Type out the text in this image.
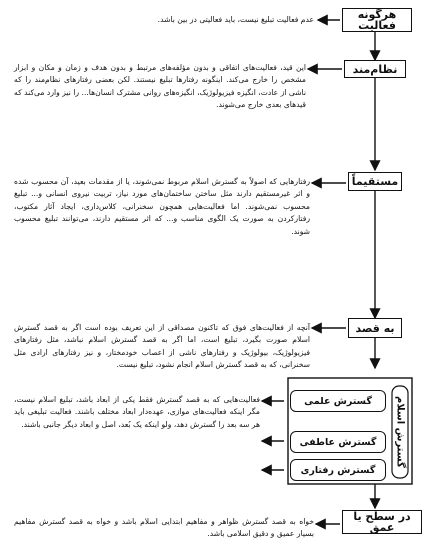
هرگونه فعالیت
عدم فعالیت تبلیغ نیست، باید فعالیتی در بین باشد.
نظام‌مند
این قید، فعالیت‌های اتفاقی و بدون مؤلفه‌های مرتبط و بدون هدف و زمان و مکان و ابزار مشخص را خارج می‌کند. اینگونه رفتارها تبلیغ نیستند. لکن بعضی رفتارهای نظام‌مند را که ناشی از عادت، انگیزه فیزیولوژیک، انگیزه‌های روانی مشترک انسان‌ها... را نیز وارد می‌کند که قیدهای بعدی خارج می‌شوند.
مستقیماً
رفتارهایی که اصولاً به گسترش اسلام مربوط نمی‌شوند، یا از مقدمات بعید، آن محسوب شده و اثر غیرمستقیم دارند مثل ساختن ساختمان‌های مورد نیاز، تربیت نیروی انسانی و... تبلیغ محسوب نمی‌شوند. اما فعالیت‌هایی همچون سخنرانی، کلاس‌داری، ایجاد آثار مکتوب، رفتارکردن به صورت یک الگوی مناسب و... که اثر مستقیم دارند، می‌توانند تبلیغ محسوب شوند.
به قصد
آنچه از فعالیت‌های فوق که تاکنون مصداقی از این تعریف بوده است اگر به قصد گسترش اسلام صورت بگیرد، تبلیغ است، اما اگر به قصد گسترش اسلام نباشد، مثل رفتارهای فیزیولوژیک، بیولوژیک و رفتارهای ناشی از اعصاب خودمختار، و نیز رفتارهای ارادی مثل سخنرانی، که به قصد گسترش اسلام انجام نشود، تبلیغ نیست.
گسترش علمی
گسترش عاطفی
گسترش رفتاری
گسترش اسلام
فعالیت‌هایی که به قصد گسترش فقط یکی از ابعاد باشد، تبلیغ اسلام نیست، مگر اینکه فعالیت‌های موازی، عهده‌دار ابعاد مختلف باشند. فعالیت تبلیغی باید هر سه بعد را گسترش دهد، ولو اینکه یک بُعد، اصل و ابعاد دیگر جانبی باشند.
در سطح یا عمق
خواه به قصد گسترش ظواهر و مفاهیم ابتدایی اسلام باشد و خواه به قصد گسترش مفاهیم بسیار عمیق و دقیق اسلامی باشد.
